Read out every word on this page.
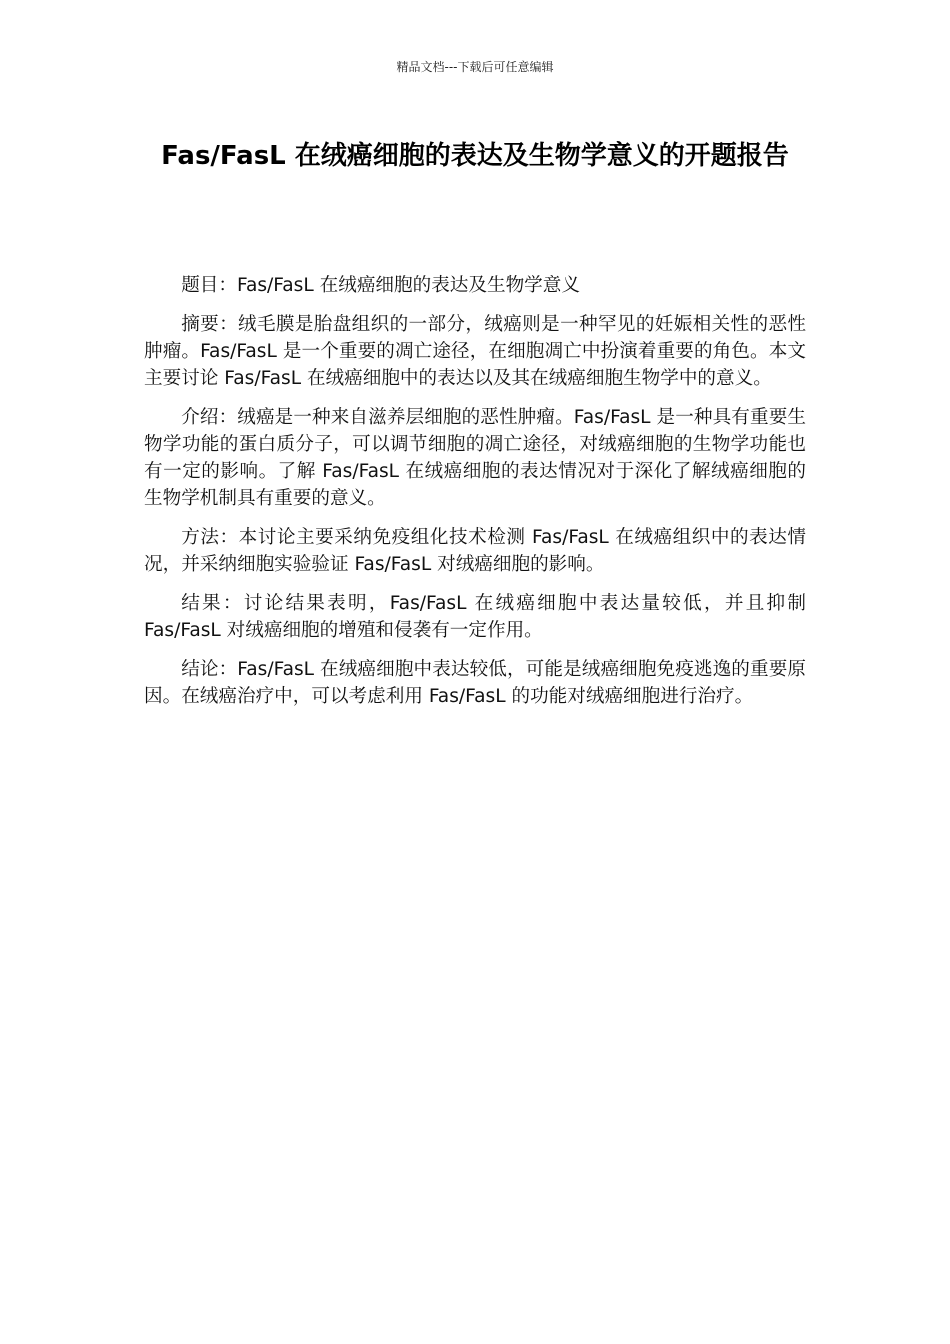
精品文档---下载后可任意编辑
Fas/FasL 在绒癌细胞的表达及生物学意义的开题报告

题目：Fas/FasL 在绒癌细胞的表达及生物学意义

摘要：绒毛膜是胎盘组织的一部分，绒癌则是一种罕见的妊娠相关性的恶性肿瘤。Fas/FasL 是一个重要的凋亡途径，在细胞凋亡中扮演着重要的角色。本文主要讨论 Fas/FasL 在绒癌细胞中的表达以及其在绒癌细胞生物学中的意义。

介绍：绒癌是一种来自滋养层细胞的恶性肿瘤。Fas/FasL 是一种具有重要生物学功能的蛋白质分子，可以调节细胞的凋亡途径，对绒癌细胞的生物学功能也有一定的影响。了解 Fas/FasL 在绒癌细胞的表达情况对于深化了解绒癌细胞的生物学机制具有重要的意义。

方法：本讨论主要采纳免疫组化技术检测 Fas/FasL 在绒癌组织中的表达情况，并采纳细胞实验验证 Fas/FasL 对绒癌细胞的影响。

结果：讨论结果表明，Fas/FasL 在绒癌细胞中表达量较低，并且抑制 Fas/FasL 对绒癌细胞的增殖和侵袭有一定作用。

结论：Fas/FasL 在绒癌细胞中表达较低，可能是绒癌细胞免疫逃逸的重要原因。在绒癌治疗中，可以考虑利用 Fas/FasL 的功能对绒癌细胞进行治疗。
